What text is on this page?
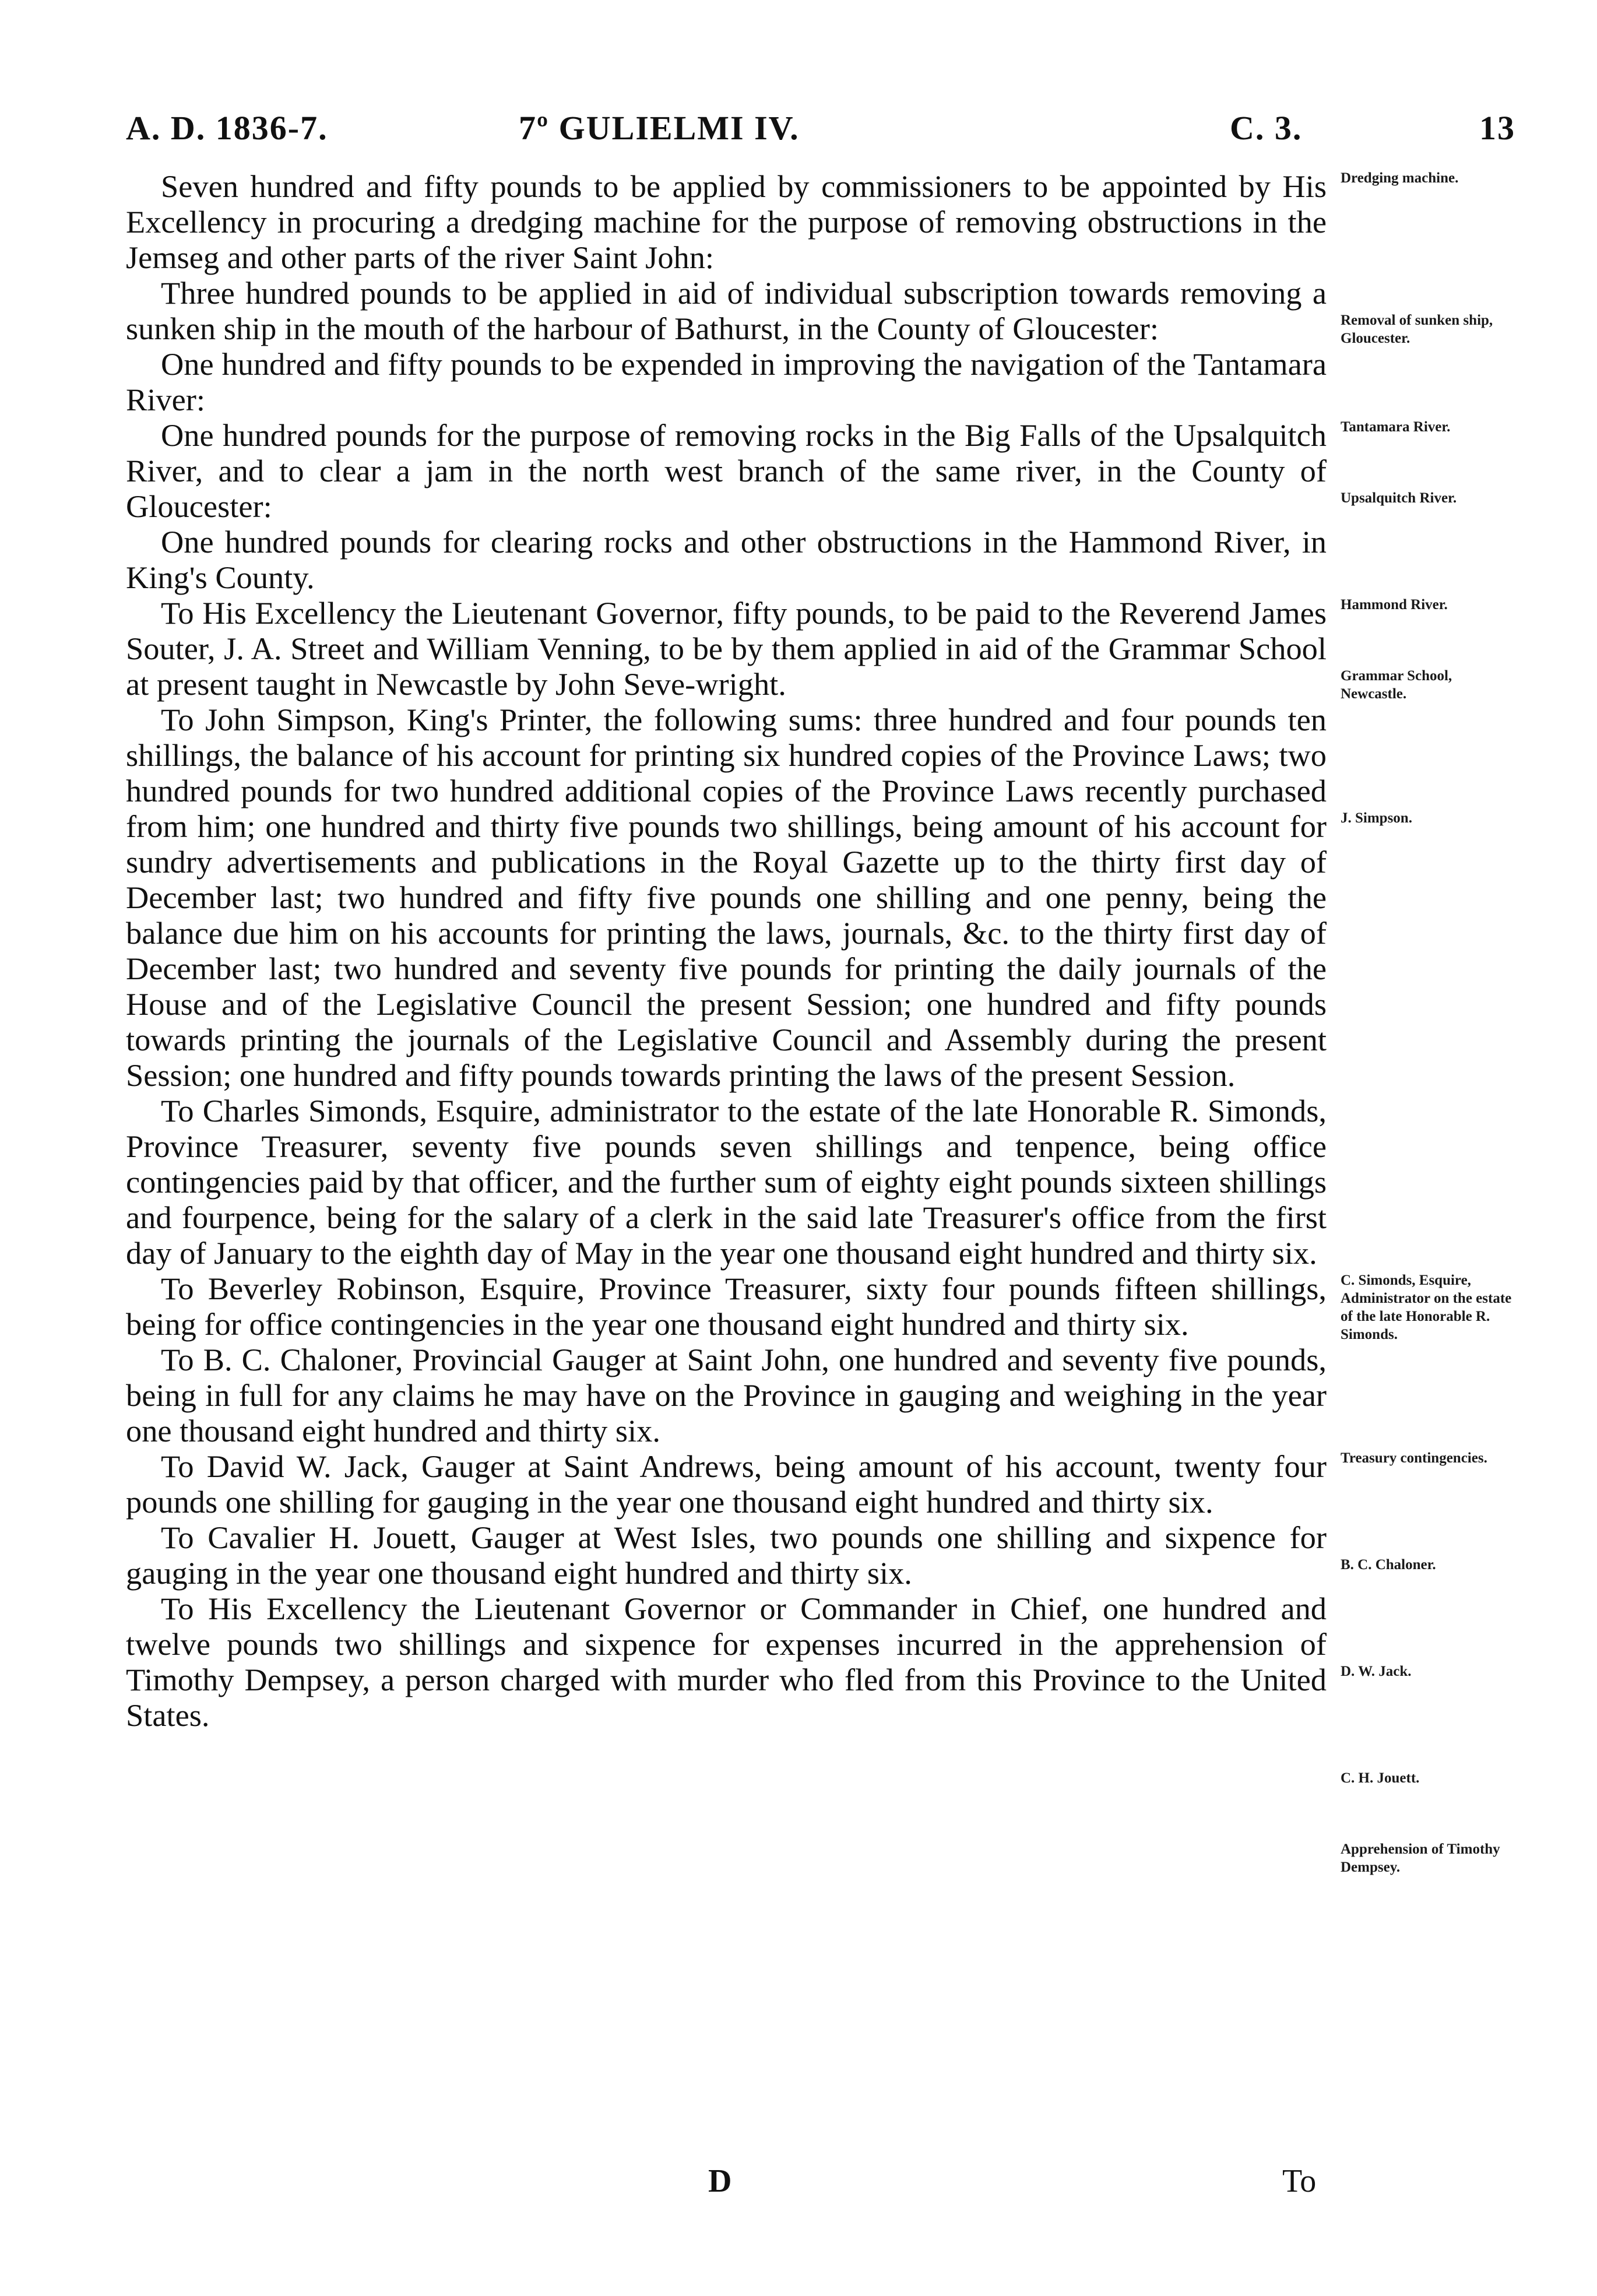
A. D. 1836-7.	7º GULIELMI IV.	C. 3.	13

Seven hundred and fifty pounds to be applied by commissioners to be appointed by His Excellency in procuring a dredging machine for the purpose of removing obstructions in the Jemseg and other parts of the river Saint John:

Three hundred pounds to be applied in aid of individual subscription towards removing a sunken ship in the mouth of the harbour of Bathurst, in the County of Gloucester:

One hundred and fifty pounds to be expended in improving the navigation of the Tantamara River:

One hundred pounds for the purpose of removing rocks in the Big Falls of the Upsalquitch River, and to clear a jam in the north west branch of the same river, in the County of Gloucester:

One hundred pounds for clearing rocks and other obstructions in the Hammond River, in King's County.

To His Excellency the Lieutenant Governor, fifty pounds, to be paid to the Reverend James Souter, J. A. Street and William Venning, to be by them applied in aid of the Grammar School at present taught in Newcastle by John Seve-wright.

To John Simpson, King's Printer, the following sums: three hundred and four pounds ten shillings, the balance of his account for printing six hundred copies of the Province Laws; two hundred pounds for two hundred additional copies of the Province Laws recently purchased from him; one hundred and thirty five pounds two shillings, being amount of his account for sundry advertisements and publications in the Royal Gazette up to the thirty first day of December last; two hundred and fifty five pounds one shilling and one penny, being the balance due him on his accounts for printing the laws, journals, &c. to the thirty first day of December last; two hundred and seventy five pounds for printing the daily journals of the House and of the Legislative Council the present Session; one hundred and fifty pounds towards printing the journals of the Legislative Council and Assembly during the present Session; one hundred and fifty pounds towards printing the laws of the present Session.

To Charles Simonds, Esquire, administrator to the estate of the late Honorable R. Simonds, Province Treasurer, seventy five pounds seven shillings and tenpence, being office contingencies paid by that officer, and the further sum of eighty eight pounds sixteen shillings and fourpence, being for the salary of a clerk in the said late Treasurer's office from the first day of January to the eighth day of May in the year one thousand eight hundred and thirty six.

To Beverley Robinson, Esquire, Province Treasurer, sixty four pounds fifteen shillings, being for office contingencies in the year one thousand eight hundred and thirty six.

To B. C. Chaloner, Provincial Gauger at Saint John, one hundred and seventy five pounds, being in full for any claims he may have on the Province in gauging and weighing in the year one thousand eight hundred and thirty six.

To David W. Jack, Gauger at Saint Andrews, being amount of his account, twenty four pounds one shilling for gauging in the year one thousand eight hundred and thirty six.

To Cavalier H. Jouett, Gauger at West Isles, two pounds one shilling and sixpence for gauging in the year one thousand eight hundred and thirty six.

To His Excellency the Lieutenant Governor or Commander in Chief, one hundred and twelve pounds two shillings and sixpence for expenses incurred in the apprehension of Timothy Dempsey, a person charged with murder who fled from this Province to the United States.

Dredging machine.
Removal of sunken ship, Gloucester.
Tantamara River.
Upsalquitch River.
Hammond River.
Grammar School, Newcastle.
J. Simpson.
C. Simonds, Esquire, Administrator on the estate of the late Honorable R. Simonds.
Treasury contingencies.
B. C. Chaloner.
D. W. Jack.
C. H. Jouett.
Apprehension of Timothy Dempsey.
D	To
